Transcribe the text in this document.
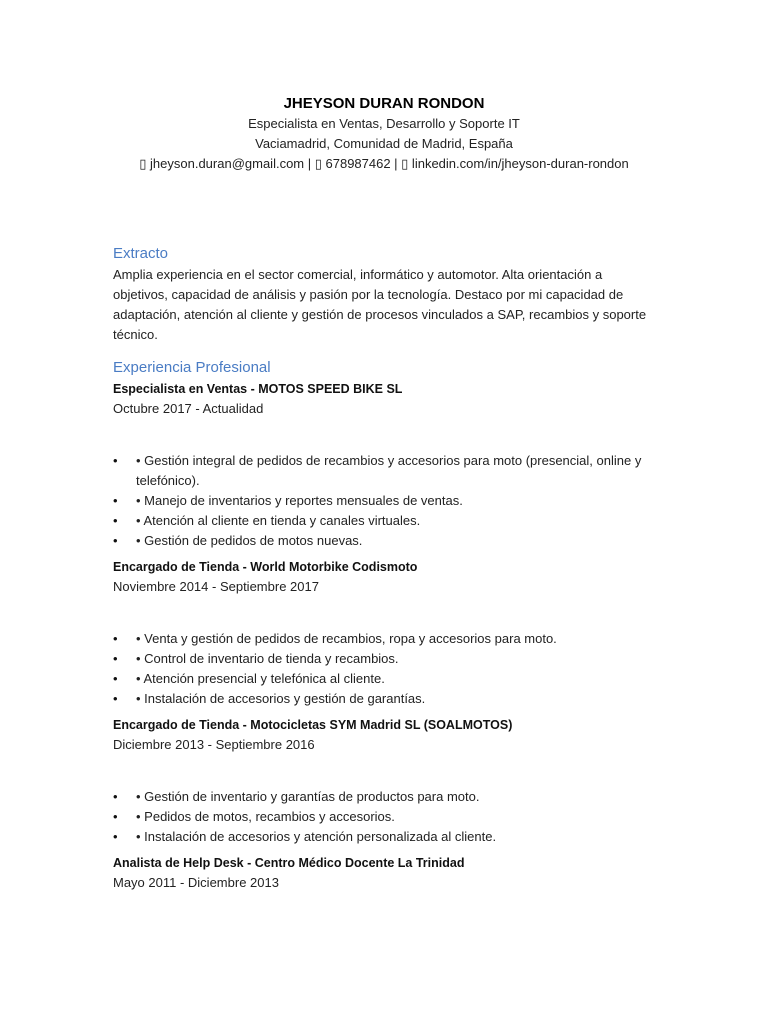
JHEYSON DURAN RONDON

Especialista en Ventas, Desarrollo y Soporte IT

Vaciamadrid, Comunidad de Madrid, España

▯ jheyson.duran@gmail.com | ▯ 678987462 | ▯ linkedin.com/in/jheyson-duran-rondon

Extracto

Amplia experiencia en el sector comercial, informático y automotor. Alta orientación a objetivos, capacidad de análisis y pasión por la tecnología. Destaco por mi capacidad de adaptación, atención al cliente y gestión de procesos vinculados a SAP, recambios y soporte técnico.

Experiencia Profesional

Especialista en Ventas - MOTOS SPEED BIKE SL

Octubre 2017 - Actualidad

• • Gestión integral de pedidos de recambios y accesorios para moto (presencial, online y telefónico).
• • Manejo de inventarios y reportes mensuales de ventas.
• • Atención al cliente en tienda y canales virtuales.
• • Gestión de pedidos de motos nuevas.

Encargado de Tienda - World Motorbike Codismoto

Noviembre 2014 - Septiembre 2017

• • Venta y gestión de pedidos de recambios, ropa y accesorios para moto.
• • Control de inventario de tienda y recambios.
• • Atención presencial y telefónica al cliente.
• • Instalación de accesorios y gestión de garantías.

Encargado de Tienda - Motocicletas SYM Madrid SL (SOALMOTOS)

Diciembre 2013 - Septiembre 2016

• • Gestión de inventario y garantías de productos para moto.
• • Pedidos de motos, recambios y accesorios.
• • Instalación de accesorios y atención personalizada al cliente.

Analista de Help Desk - Centro Médico Docente La Trinidad

Mayo 2011 - Diciembre 2013
